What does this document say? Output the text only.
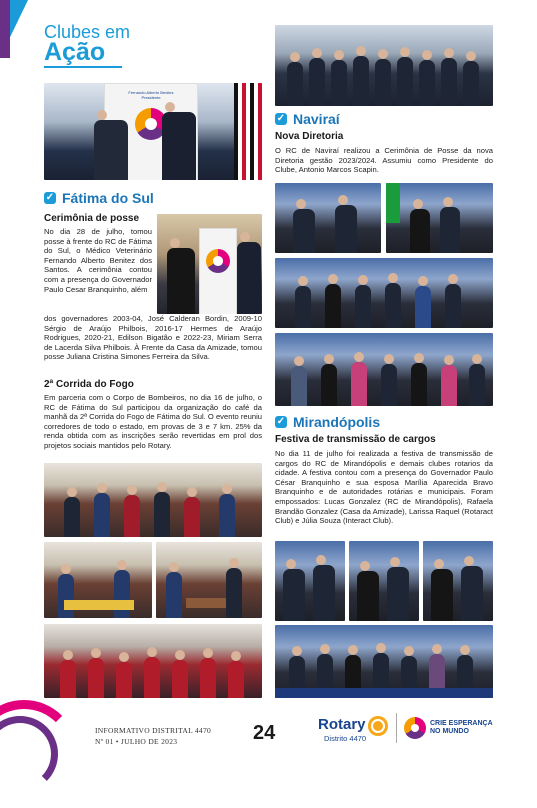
Clubes em
Ação
Fernando Alberto Benitez
Presidente
✓ Fátima do Sul
Cerimônia de posse
No dia 28 de julho, tomou posse à frente do RC de Fátima do Sul, o Médico Veterinário Fernando Alberto Benitez dos Santos. A cerimônia contou com a presença do Governador Paulo Cesar Branquinho, além
dos governadores 2003-04, José Calderan Bordin, 2009-10 Sérgio de Araújo Philbois, 2016-17 Hermes de Araújo Rodrigues, 2020-21, Edilson Bigatão e 2022-23, Miriam Serra de Lacerda Silva Philbois. À Frente da Casa da Amizade, tomou posse Juliana Cristina Simones Ferreira da Silva.
2ª Corrida do Fogo
Em parceria com o Corpo de Bombeiros, no dia 16 de julho, o RC de Fátima do Sul participou da organização do café da manhã da 2ª Corrida do Fogo de Fátima do Sul. O evento reuniu corredores de todo o estado, em provas de 3 e 7 km. 25% da renda obtida com as inscrições serão revertidas em prol dos projetos sociais mantidos pelo Rotary.
✓ Naviraí
Nova Diretoria
O RC de Naviraí realizou a Cerimônia de Posse da nova Diretoria gestão 2023/2024. Assumiu como Presidente do Clube, Antonio Marcos Scapin.
✓ Mirandópolis
Festiva de transmissão de cargos
No dia 11 de julho foi realizada a festiva de transmissão de cargos do RC de Mirandópolis e demais clubes rotarios da cidade. A festiva contou com a presença do Governador Paulo César Branquinho e sua esposa Marília Aparecida Bravo Branquinho e de autoridades rotárias e municipais. Foram empossados: Lucas Gonzalez (RC de Mirandópolis), Rafaela Brandão Gonzalez (Casa da Amizade), Larissa Raquel (Rotaract Club) e Júlia Souza (Interact Club).
INFORMATIVO DISTRITAL 4470
Nº 01 • JULHO DE 2023	24	Rotary
Distrito 4470
CRIE ESPERANÇA
NO MUNDO
